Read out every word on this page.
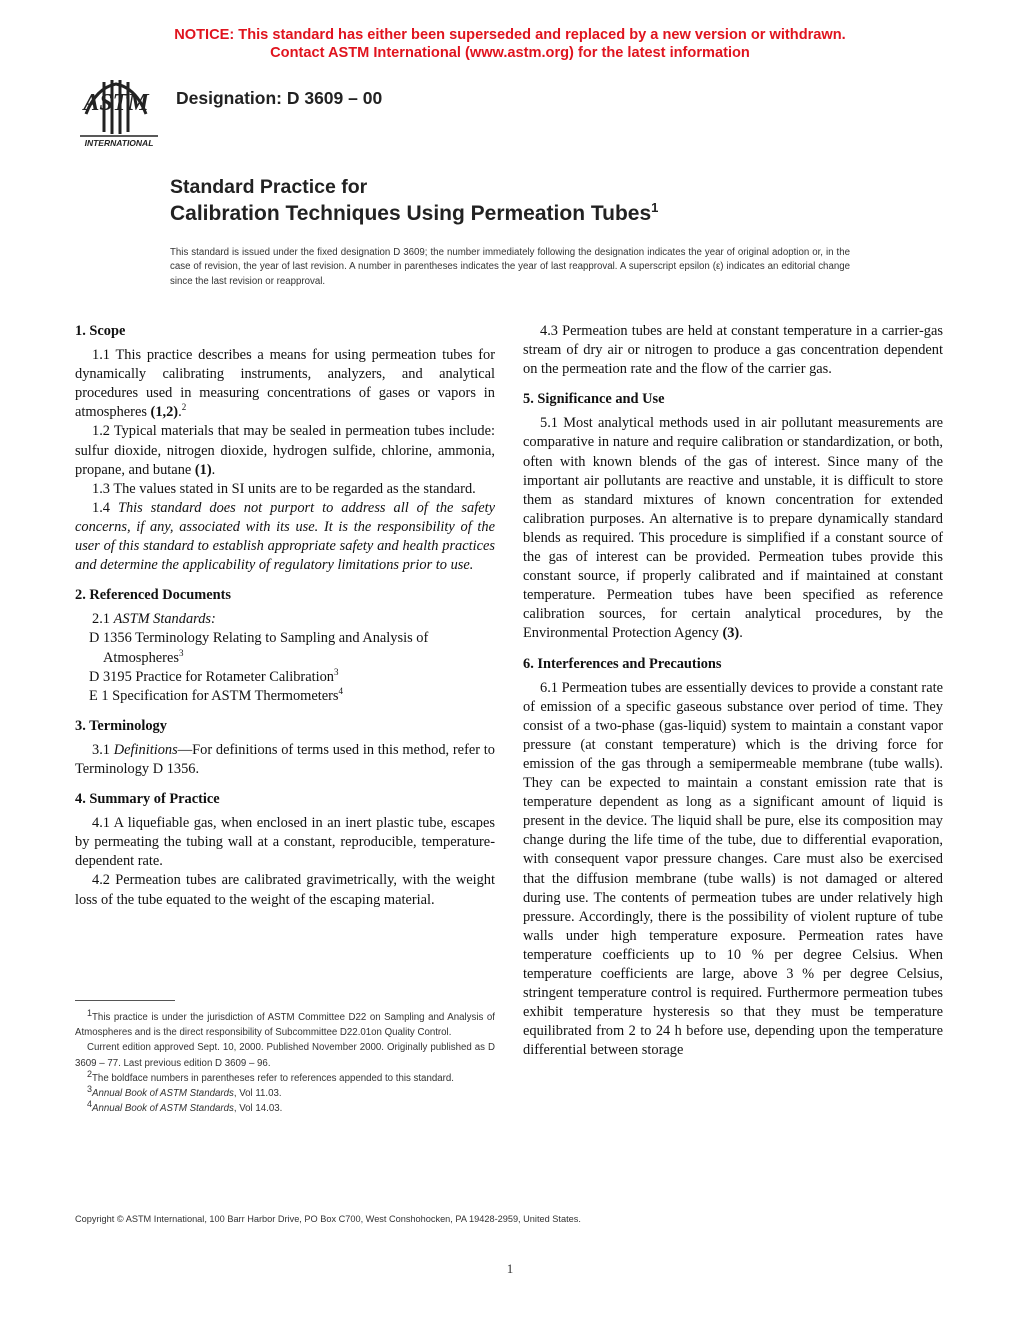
NOTICE: This standard has either been superseded and replaced by a new version or withdrawn.
Contact ASTM International (www.astm.org) for the latest information
ASTM
INTERNATIONAL
Designation: D 3609 – 00
Standard Practice for
Calibration Techniques Using Permeation Tubes$^1$
This standard is issued under the fixed designation D 3609; the number immediately following the designation indicates the year of original adoption or, in the case of revision, the year of last revision. A number in parentheses indicates the year of last reapproval. A superscript epsilon (ε) indicates an editorial change since the last revision or reapproval.
1. Scope

1.1 This practice describes a means for using permeation tubes for dynamically calibrating instruments, analyzers, and analytical procedures used in measuring concentrations of gases or vapors in atmospheres (1,2).$^2$

1.2 Typical materials that may be sealed in permeation tubes include: sulfur dioxide, nitrogen dioxide, hydrogen sulfide, chlorine, ammonia, propane, and butane (1).

1.3 The values stated in SI units are to be regarded as the standard.

1.4 This standard does not purport to address all of the safety concerns, if any, associated with its use. It is the responsibility of the user of this standard to establish appropriate safety and health practices and determine the applicability of regulatory limitations prior to use.

2. Referenced Documents

2.1 ASTM Standards:

D 1356 Terminology Relating to Sampling and Analysis of Atmospheres$^3$

D 3195 Practice for Rotameter Calibration$^3$

E 1 Specification for ASTM Thermometers$^4$

3. Terminology

3.1 Definitions—For definitions of terms used in this method, refer to Terminology D 1356.

4. Summary of Practice

4.1 A liquefiable gas, when enclosed in an inert plastic tube, escapes by permeating the tubing wall at a constant, reproducible, temperature-dependent rate.

4.2 Permeation tubes are calibrated gravimetrically, with the weight loss of the tube equated to the weight of the escaping material.

$^1$This practice is under the jurisdiction of ASTM Committee D22 on Sampling and Analysis of Atmospheres and is the direct responsibility of Subcommittee D22.01on Quality Control.

Current edition approved Sept. 10, 2000. Published November 2000. Originally published as D 3609 – 77. Last previous edition D 3609 – 96.

$^2$The boldface numbers in parentheses refer to references appended to this standard.

$^3$Annual Book of ASTM Standards, Vol 11.03.

$^4$Annual Book of ASTM Standards, Vol 14.03.

4.3 Permeation tubes are held at constant temperature in a carrier-gas stream of dry air or nitrogen to produce a gas concentration dependent on the permeation rate and the flow of the carrier gas.

5. Significance and Use

5.1 Most analytical methods used in air pollutant measurements are comparative in nature and require calibration or standardization, or both, often with known blends of the gas of interest. Since many of the important air pollutants are reactive and unstable, it is difficult to store them as standard mixtures of known concentration for extended calibration purposes. An alternative is to prepare dynamically standard blends as required. This procedure is simplified if a constant source of the gas of interest can be provided. Permeation tubes provide this constant source, if properly calibrated and if maintained at constant temperature. Permeation tubes have been specified as reference calibration sources, for certain analytical procedures, by the Environmental Protection Agency (3).

6. Interferences and Precautions

6.1 Permeation tubes are essentially devices to provide a constant rate of emission of a specific gaseous substance over period of time. They consist of a two-phase (gas-liquid) system to maintain a constant vapor pressure (at constant temperature) which is the driving force for emission of the gas through a semipermeable membrane (tube walls). They can be expected to maintain a constant emission rate that is temperature dependent as long as a significant amount of liquid is present in the device. The liquid shall be pure, else its composition may change during the life time of the tube, due to differential evaporation, with consequent vapor pressure changes. Care must also be exercised that the diffusion membrane (tube walls) is not damaged or altered during use. The contents of permeation tubes are under relatively high pressure. Accordingly, there is the possibility of violent rupture of tube walls under high temperature exposure. Permeation rates have temperature coefficients up to 10 % per degree Celsius. When temperature coefficients are large, above 3 % per degree Celsius, stringent temperature control is required. Furthermore permeation tubes exhibit temperature hysteresis so that they must be temperature equilibrated from 2 to 24 h before use, depending upon the temperature differential between storage

Copyright © ASTM International, 100 Barr Harbor Drive, PO Box C700, West Conshohocken, PA 19428-2959, United States.
1
